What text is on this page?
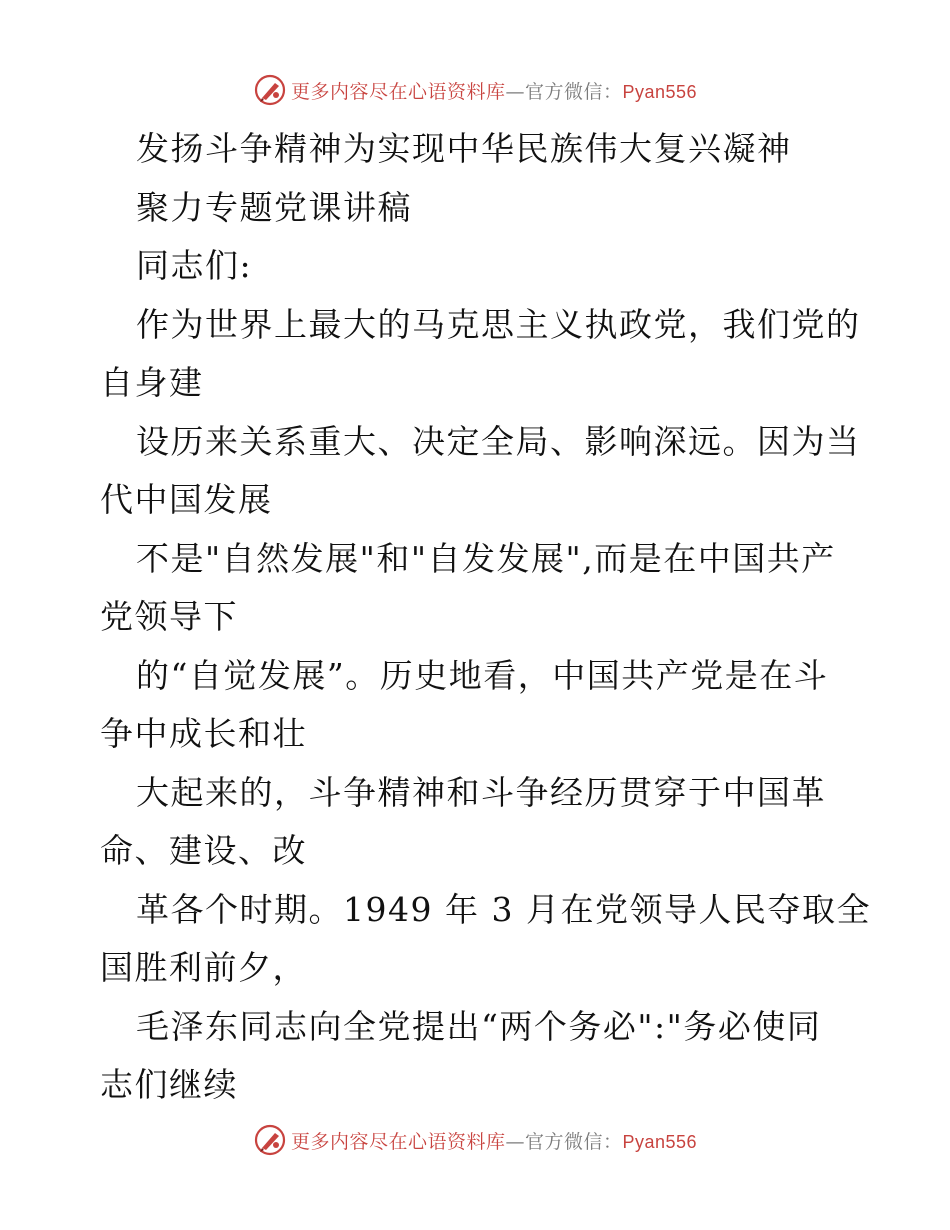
更多内容尽在心语资料库—官方微信：Pyan556
发扬斗争精神为实现中华民族伟大复兴凝神
聚力专题党课讲稿
同志们:
作为世界上最大的马克思主义执政党，我们党的
自身建
设历来关系重大、决定全局、影响深远。因为当
代中国发展
不是"自然发展"和"自发发展",而是在中国共产
党领导下
的“自觉发展”。历史地看，中国共产党是在斗
争中成长和壮
大起来的，斗争精神和斗争经历贯穿于中国革
命、建设、改
革各个时期。1949 年 3 月在党领导人民夺取全
国胜利前夕，
毛泽东同志向全党提出“两个务必":"务必使同
志们继续
更多内容尽在心语资料库—官方微信：Pyan556
